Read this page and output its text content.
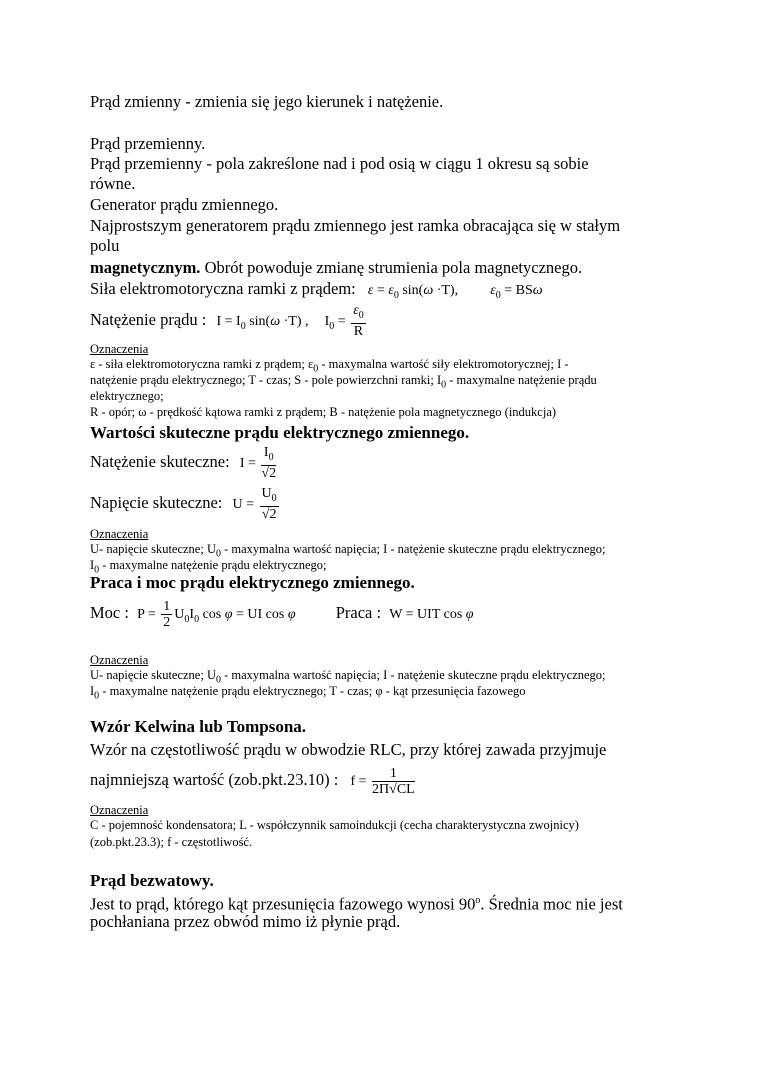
Prąd zmienny - zmienia się jego kierunek i natężenie.
Prąd przemienny.
Prąd przemienny - pola zakreślone nad i pod osią w ciągu 1 okresu są sobie
równe.
Generator prądu zmiennego.
Najprostszym generatorem prądu zmiennego jest ramka obracająca się w stałym
polu
magnetycznym. Obrót powoduje zmianę strumienia pola magnetycznego.
Siła elektromotoryczna ramki z prądem: $\varepsilon = \varepsilon_0$ sin(ω ·T), $\varepsilon_0 = BS\omega$
Natężenie prądu : $I = I_0$ sin(ω ·T) , $I_0 = \frac{\varepsilon_0}{R}$
Oznaczenia
ε - siła elektromotoryczna ramki z prądem; $\varepsilon_0$ - maxymalna wartość siły elektromotorycznej; I -
natężenie prądu elektrycznego; T - czas; S - pole powierzchni ramki; $I_0$ - maxymalne natężenie prądu
elektrycznego;
R - opór; ω - prędkość kątowa ramki z prądem; B - natężenie pola magnetycznego (indukcja)
Wartości skuteczne prądu elektrycznego zmiennego.
Natężenie skuteczne: $I = \frac{I_0}{√2}$
Napięcie skuteczne: $U = \frac{U_0}{√2}$
Oznaczenia
U- napięcie skuteczne; $U_0$ - maxymalna wartość napięcia; I - natężenie skuteczne prądu elektrycznego;
$I_0$ - maxymalne natężenie prądu elektrycznego;
Praca i moc prądu elektrycznego zmiennego.
Moc : $P = \frac{1}{2} U_0I_0$ cos φ = UI cos φ Praca : W = UIT cos φ
Oznaczenia
U- napięcie skuteczne; $U_0$ - maxymalna wartość napięcia; I - natężenie skuteczne prądu elektrycznego;
$I_0$ - maxymalne natężenie prądu elektrycznego; T - czas; φ - kąt przesunięcia fazowego
Wzór Kelwina lub Tompsona.
Wzór na częstotliwość prądu w obwodzie RLC, przy której zawada przyjmuje
najmniejszą wartość (zob.pkt.23.10) : $f = \frac{1}{2\Pi√CL}$
Oznaczenia
C - pojemność kondensatora; L - współczynnik samoindukcji (cecha charakterystyczna zwojnicy)
(zob.pkt.23.3); f - częstotliwość.
Prąd bezwatowy.
Jest to prąd, którego kąt przesunięcia fazowego wynosi 90$^o$. Średnia moc nie jest
pochłaniana przez obwód mimo iż płynie prąd.
